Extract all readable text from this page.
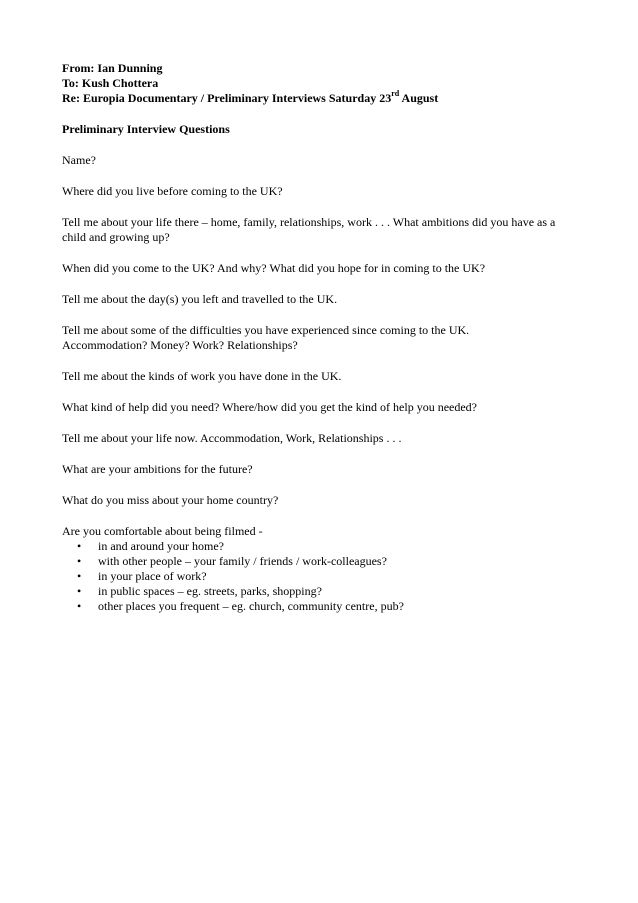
From: Ian Dunning
To: Kush Chottera
Re: Europia Documentary / Preliminary Interviews Saturday 23rd August
Preliminary Interview Questions
Name?
Where did you live before coming to the UK?
Tell me about your life there – home, family, relationships, work . . . What ambitions did you have as a child and growing up?
When did you come to the UK? And why? What did you hope for in coming to the UK?
Tell me about the day(s) you left and travelled to the UK.
Tell me about some of the difficulties you have experienced since coming to the UK. Accommodation? Money? Work? Relationships?
Tell me about the kinds of work you have done in the UK.
What kind of help did you need? Where/how did you get the kind of help you needed?
Tell me about your life now. Accommodation, Work, Relationships . . .
What are your ambitions for the future?
What do you miss about your home country?
Are you comfortable about being filmed -
• in and around your home?
• with other people – your family / friends / work-colleagues?
• in your place of work?
• in public spaces – eg. streets, parks, shopping?
• other places you frequent – eg. church, community centre, pub?
